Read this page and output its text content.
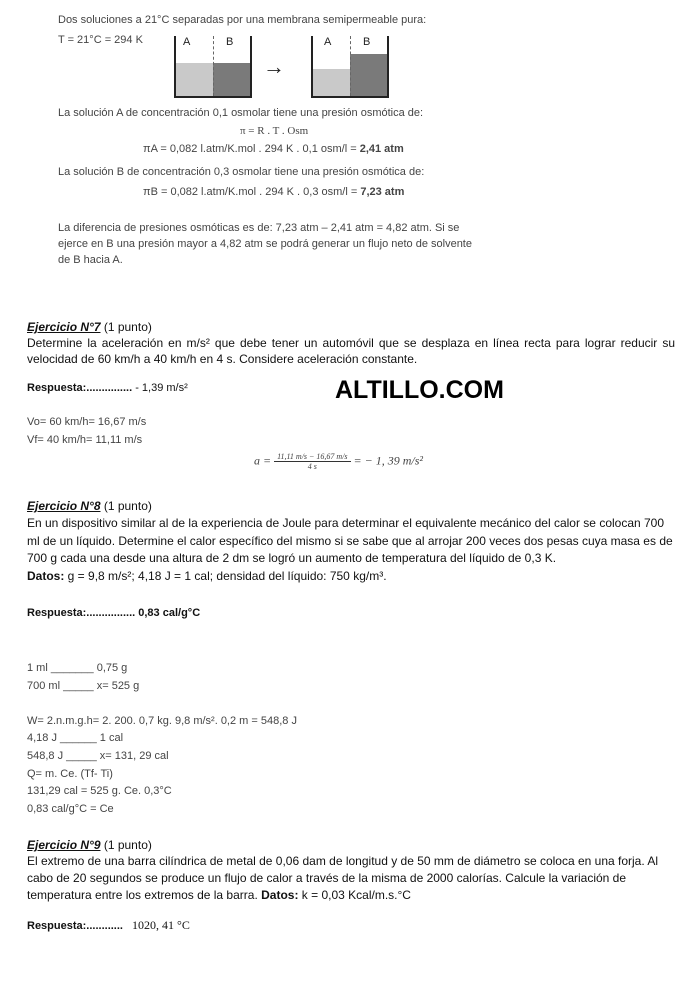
Dos soluciones a 21°C separadas por una membrana semipermeable pura:
T = 21°C = 294 K	A	B
→
A	B
La solución A de concentración 0,1 osmolar tiene una presión osmótica de:
π = R . T . Osm
πA = 0,082 l.atm/K.mol . 294 K . 0,1 osm/l = 2,41 atm
La solución B de concentración 0,3 osmolar tiene una presión osmótica de:
πB = 0,082 l.atm/K.mol . 294 K . 0,3 osm/l = 7,23 atm
La diferencia de presiones osmóticas es de: 7,23 atm – 2,41 atm = 4,82 atm. Si se
ejerce en B una presión mayor a 4,82 atm se podrá generar un flujo neto de solvente
de B hacia A.
Ejercicio N°7 (1 punto)
Determine la aceleración en m/s² que debe tener un automóvil que se desplaza en línea recta para lograr reducir su velocidad de 60 km/h a 40 km/h en 4 s. Considere aceleración constante.
Respuesta:............... - 1,39 m/s²	ALTILLO.COM
Vo= 60 km/h= 16,67 m/s
Vf= 40 km/h= 11,11 m/s
$a = \frac{11,11 m/s - 16,67 m/s}{4 s}$ = − 1, 39 m/s²
Ejercicio N°8 (1 punto)
En un dispositivo similar al de la experiencia de Joule para determinar el equivalente mecánico del calor se colocan 700 ml de un líquido. Determine el calor específico del mismo si se sabe que al arrojar 200 veces dos pesas cuya masa es de 700 g cada una desde una altura de 2 dm se logró un aumento de temperatura del líquido de 0,3 K.
Datos: g = 9,8 m/s²; 4,18 J = 1 cal; densidad del líquido: 750 kg/m³.
Respuesta:................ 0,83 cal/g°C
1 ml _______ 0,75 g
700 ml _____ x= 525 g
W= 2.n.m.g.h= 2. 200. 0,7 kg. 9,8 m/s². 0,2 m = 548,8 J
4,18 J ______ 1 cal
548,8 J _____ x= 131, 29 cal
Q= m. Ce. (Tf- Ti)
131,29 cal = 525 g. Ce. 0,3°C
0,83 cal/g°C = Ce
Ejercicio N°9 (1 punto)
El extremo de una barra cilíndrica de metal de 0,06 dam de longitud y de 50 mm de diámetro se coloca en una forja. Al cabo de 20 segundos se produce un flujo de calor a través de la misma de 2000 calorías. Calcule la variación de temperatura entre los extremos de la barra. Datos: k = 0,03 Kcal/m.s.°C
Respuesta:............ 1020, 41 °C
